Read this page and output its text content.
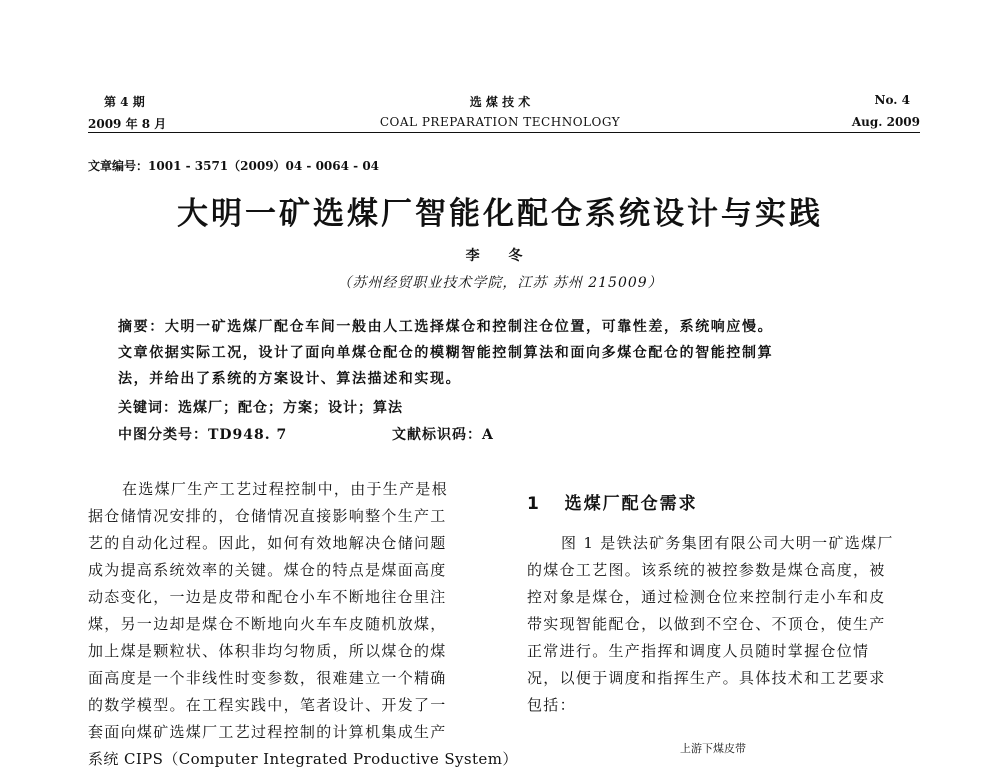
第 4 期
2009 年 8 月
选 煤 技 术
COAL PREPARATION TECHNOLOGY
No. 4
Aug. 2009
文章编号：1001 - 3571（2009）04 - 0064 - 04
大明一矿选煤厂智能化配仓系统设计与实践
李 冬
（苏州经贸职业技术学院，江苏 苏州 215009）
摘要：大明一矿选煤厂配仓车间一般由人工选择煤仓和控制注仓位置，可靠性差，系统响应慢。
文章依据实际工况，设计了面向单煤仓配仓的模糊智能控制算法和面向多煤仓配仓的智能控制算
法，并给出了系统的方案设计、算法描述和实现。
关键词：选煤厂；配仓；方案；设计；算法
中图分类号：TD948. 7	文献标识码：A
在选煤厂生产工艺过程控制中，由于生产是根
据仓储情况安排的，仓储情况直接影响整个生产工
艺的自动化过程。因此，如何有效地解决仓储问题
成为提高系统效率的关键。煤仓的特点是煤面高度
动态变化，一边是皮带和配仓小车不断地往仓里注
煤，另一边却是煤仓不断地向火车车皮随机放煤，
加上煤是颗粒状、体积非均匀物质，所以煤仓的煤
面高度是一个非线性时变参数，很难建立一个精确
的数学模型。在工程实践中，笔者设计、开发了一
套面向煤矿选煤厂工艺过程控制的计算机集成生产
系统 CIPS（Computer Integrated Productive System）
1 选煤厂配仓需求
图 1 是铁法矿务集团有限公司大明一矿选煤厂
的煤仓工艺图。该系统的被控参数是煤仓高度，被
控对象是煤仓，通过检测仓位来控制行走小车和皮
带实现智能配仓，以做到不空仓、不顶仓，使生产
正常进行。生产指挥和调度人员随时掌握仓位情
况，以便于调度和指挥生产。具体技术和工艺要求
包括：
上游下煤皮带
